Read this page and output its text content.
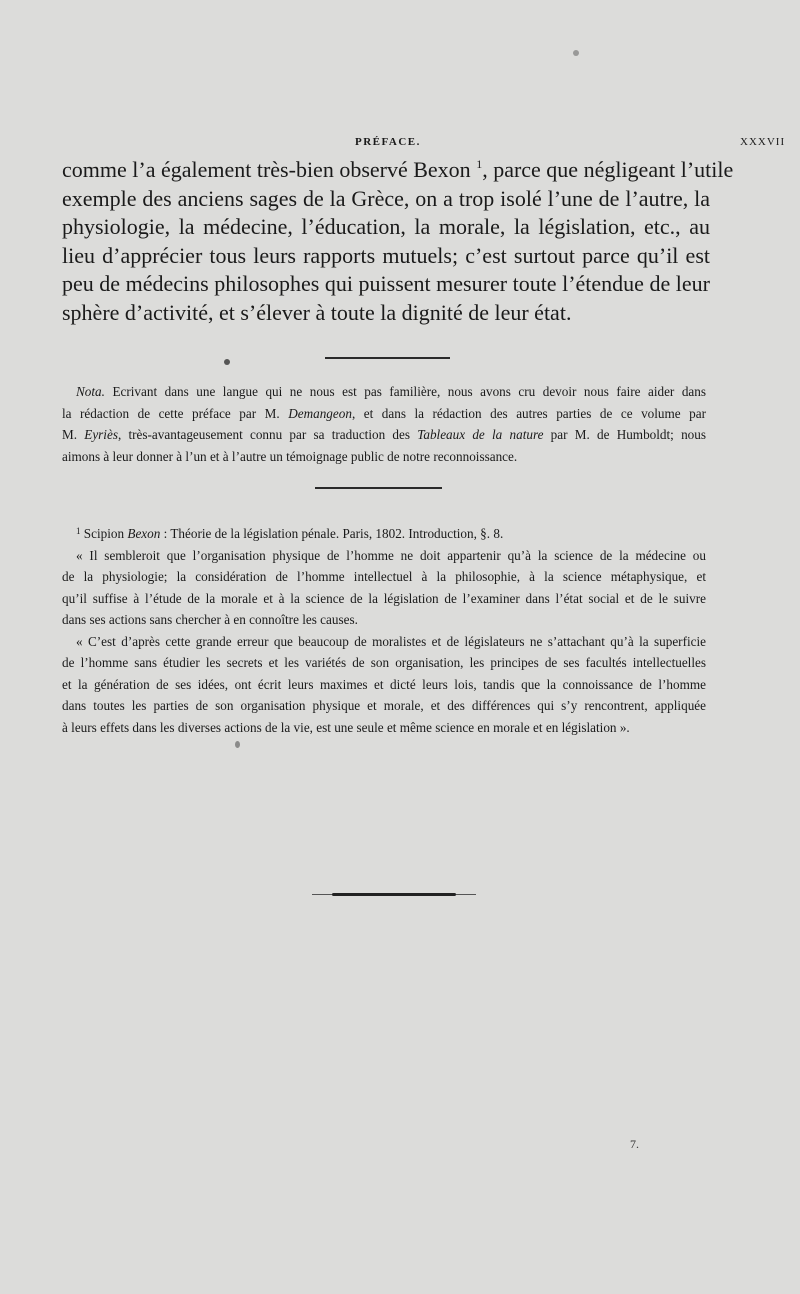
PRÉFACE.	XXXVII
comme l’a également très-bien observé Bexon $^1$, parce que négligeant l’utile
exemple des anciens sages de la Grèce, on a trop isolé l’une de l’autre, la
physiologie, la médecine, l’éducation, la morale, la législation, etc., au
lieu d’apprécier tous leurs rapports mutuels; c’est surtout parce qu’il est
peu de médecins philosophes qui puissent mesurer toute l’étendue de leur
sphère d’activité, et s’élever à toute la dignité de leur état.
Nota. Ecrivant dans une langue qui ne nous est pas familière, nous avons cru devoir nous faire aider dans
la rédaction de cette préface par M. Demangeon, et dans la rédaction des autres parties de ce volume par
M. Eyriès, très-avantageusement connu par sa traduction des Tableaux de la nature par M. de Humboldt; nous
aimons à leur donner à l’un et à l’autre un témoignage public de notre reconnoissance.
$^1$ Scipion Bexon : Théorie de la législation pénale. Paris, 1802. Introduction, §. 8.
« Il sembleroit que l’organisation physique de l’homme ne doit appartenir qu’à la science de la médecine ou
de la physiologie; la considération de l’homme intellectuel à la philosophie, à la science métaphysique, et
qu’il suffise à l’étude de la morale et à la science de la législation de l’examiner dans l’état social et de le suivre
dans ses actions sans chercher à en connoître les causes.
« C’est d’après cette grande erreur que beaucoup de moralistes et de législateurs ne s’attachant qu’à la superficie
de l’homme sans étudier les secrets et les variétés de son organisation, les principes de ses facultés intellectuelles
et la génération de ses idées, ont écrit leurs maximes et dicté leurs lois, tandis que la connoissance de l’homme
dans toutes les parties de son organisation physique et morale, et des différences qui s’y rencontrent, appliquée
à leurs effets dans les diverses actions de la vie, est une seule et même science en morale et en législation ».
7.
